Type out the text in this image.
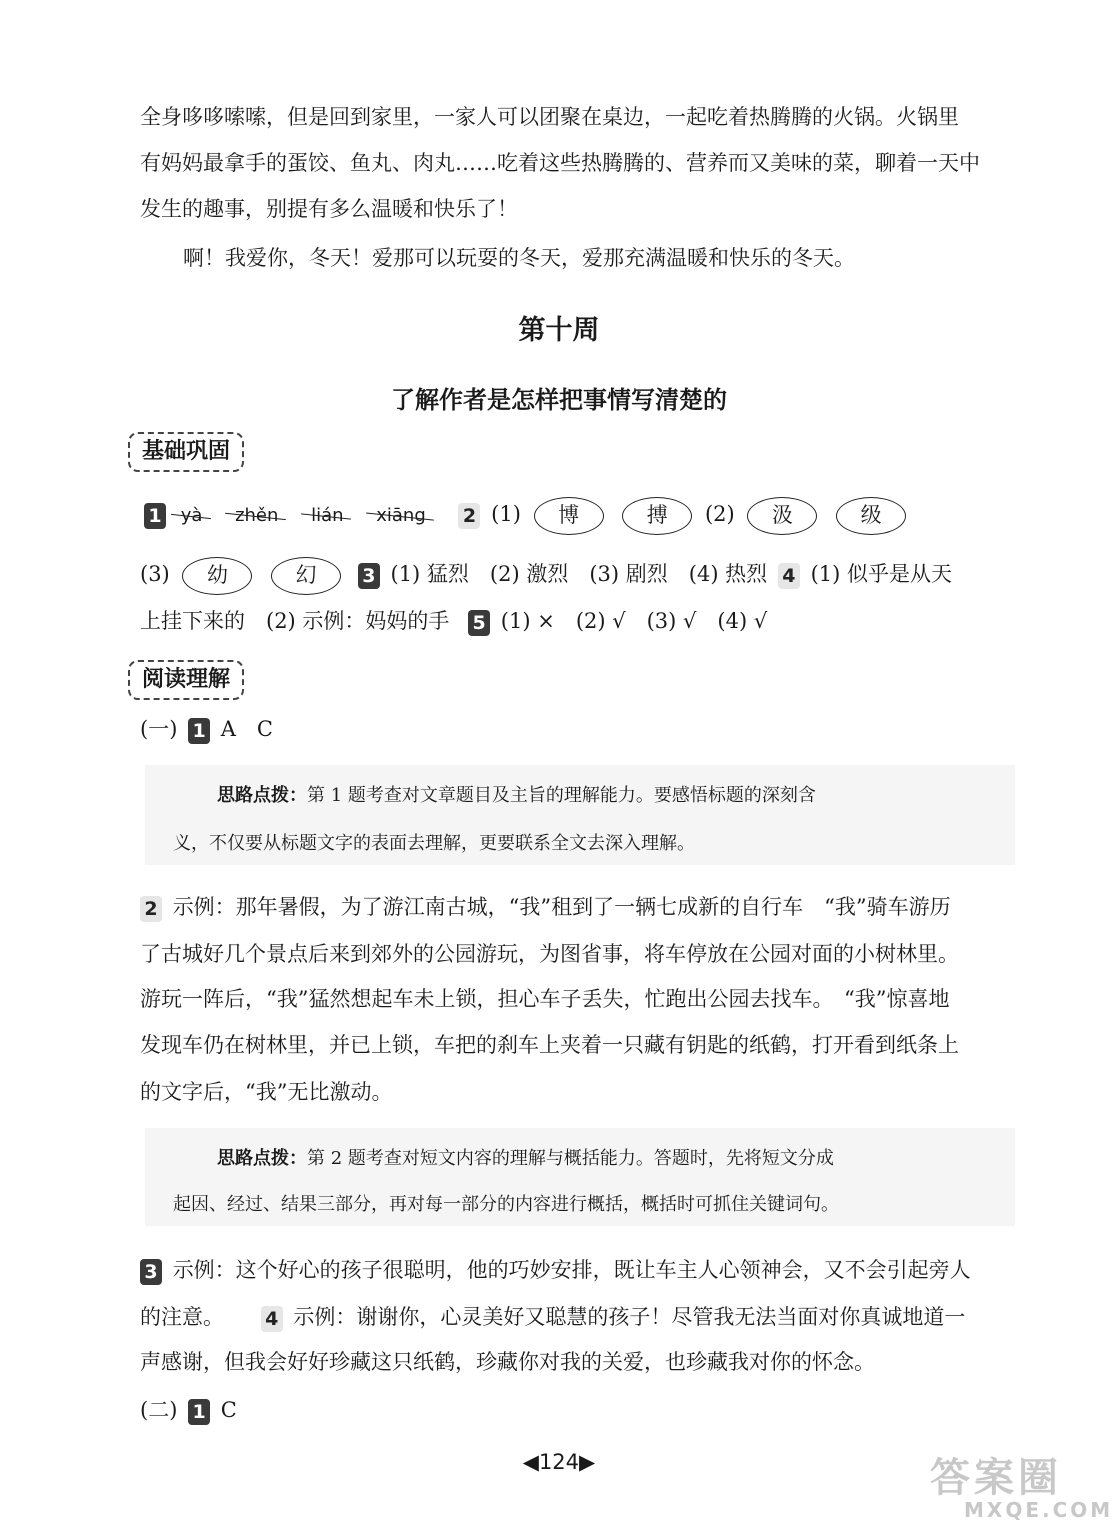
全身哆哆嗦嗦，但是回到家里，一家人可以团聚在桌边，一起吃着热腾腾的火锅。火锅里
有妈妈最拿手的蛋饺、鱼丸、肉丸……吃着这些热腾腾的、营养而又美味的菜，聊着一天中
发生的趣事，别提有多么温暖和快乐了！
啊！我爱你，冬天！爱那可以玩耍的冬天，爱那充满温暖和快乐的冬天。
第十周
了解作者是怎样把事情写清楚的
基础巩固
1 yà zhěn lián xiāng 2 (1) 博	搏 (2) 汲	级
(3) 幼	幻 3 (1) 猛烈　(2) 激烈　(3) 剧烈　(4) 热烈 4 (1) 似乎是从天
上挂下来的　(2) 示例：妈妈的手 5 (1) ×　(2) √　(3) √　(4) √
阅读理解
(一) 1 A　C
思路点拨：第 1 题考查对文章题目及主旨的理解能力。要感悟标题的深刻含
义，不仅要从标题文字的表面去理解，更要联系全文去深入理解。
2 示例：那年暑假，为了游江南古城，“我”租到了一辆七成新的自行车　“我”骑车游历
了古城好几个景点后来到郊外的公园游玩，为图省事，将车停放在公园对面的小树林里。
游玩一阵后，“我”猛然想起车未上锁，担心车子丢失，忙跑出公园去找车。　“我”惊喜地
发现车仍在树林里，并已上锁，车把的刹车上夹着一只藏有钥匙的纸鹤，打开看到纸条上
的文字后，“我”无比激动。
思路点拨：第 2 题考查对短文内容的理解与概括能力。答题时，先将短文分成
起因、经过、结果三部分，再对每一部分的内容进行概括，概括时可抓住关键词句。
3 示例：这个好心的孩子很聪明，他的巧妙安排，既让车主人心领神会，又不会引起旁人
的注意。 4 示例：谢谢你，心灵美好又聪慧的孩子！尽管我无法当面对你真诚地道一
声感谢，但我会好好珍藏这只纸鹤，珍藏你对我的关爱，也珍藏我对你的怀念。
(二) 1 C
◀124▶	答案圈
MXQE.COM
